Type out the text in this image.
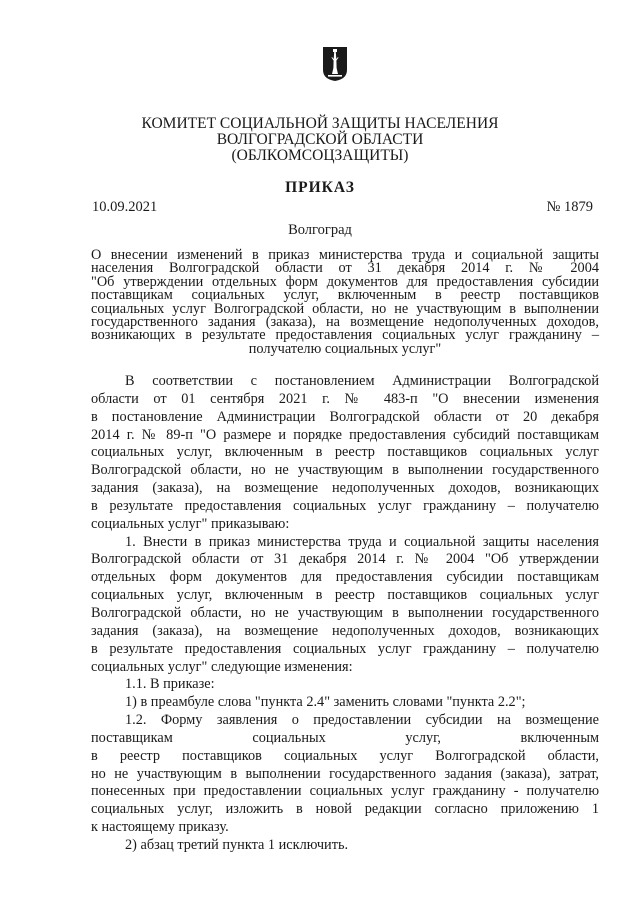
КОМИТЕТ СОЦИАЛЬНОЙ ЗАЩИТЫ НАСЕЛЕНИЯ
ВОЛГОГРАДСКОЙ ОБЛАСТИ
(ОБЛКОМСОЦЗАЩИТЫ)
ПРИКАЗ
10.09.2021	№ 1879
Волгоград
О внесении изменений в приказ министерства труда и социальной защиты
населения Волгоградской области от 31 декабря 2014 г. № 2004
"Об утверждении отдельных форм документов для предоставления субсидии
поставщикам социальных услуг, включенным в реестр поставщиков
социальных услуг Волгоградской области, но не участвующим в выполнении
государственного задания (заказа), на возмещение недополученных доходов,
возникающих в результате предоставления социальных услуг гражданину –
получателю социальных услуг"
В соответствии с постановлением Администрации Волгоградской
области от 01 сентября 2021 г. № 483-п "О внесении изменения
в постановление Администрации Волгоградской области от 20 декабря
2014 г. № 89-п "О размере и порядке предоставления субсидий поставщикам
социальных услуг, включенным в реестр поставщиков социальных услуг
Волгоградской области, но не участвующим в выполнении государственного
задания (заказа), на возмещение недополученных доходов, возникающих
в результате предоставления социальных услуг гражданину – получателю
социальных услуг" приказываю:
1. Внести в приказ министерства труда и социальной защиты населения
Волгоградской области от 31 декабря 2014 г. № 2004 "Об утверждении
отдельных форм документов для предоставления субсидии поставщикам
социальных услуг, включенным в реестр поставщиков социальных услуг
Волгоградской области, но не участвующим в выполнении государственного
задания (заказа), на возмещение недополученных доходов, возникающих
в результате предоставления социальных услуг гражданину – получателю
социальных услуг" следующие изменения:
1.1. В приказе:
1) в преамбуле слова "пункта 2.4" заменить словами "пункта 2.2";
1.2. Форму заявления о предоставлении субсидии на возмещение
поставщикам социальных услуг, включенным
в реестр поставщиков социальных услуг Волгоградской области,
но не участвующим в выполнении государственного задания (заказа), затрат,
понесенных при предоставлении социальных услуг гражданину - получателю
социальных услуг, изложить в новой редакции согласно приложению 1
к настоящему приказу.
2) абзац третий пункта 1 исключить.
